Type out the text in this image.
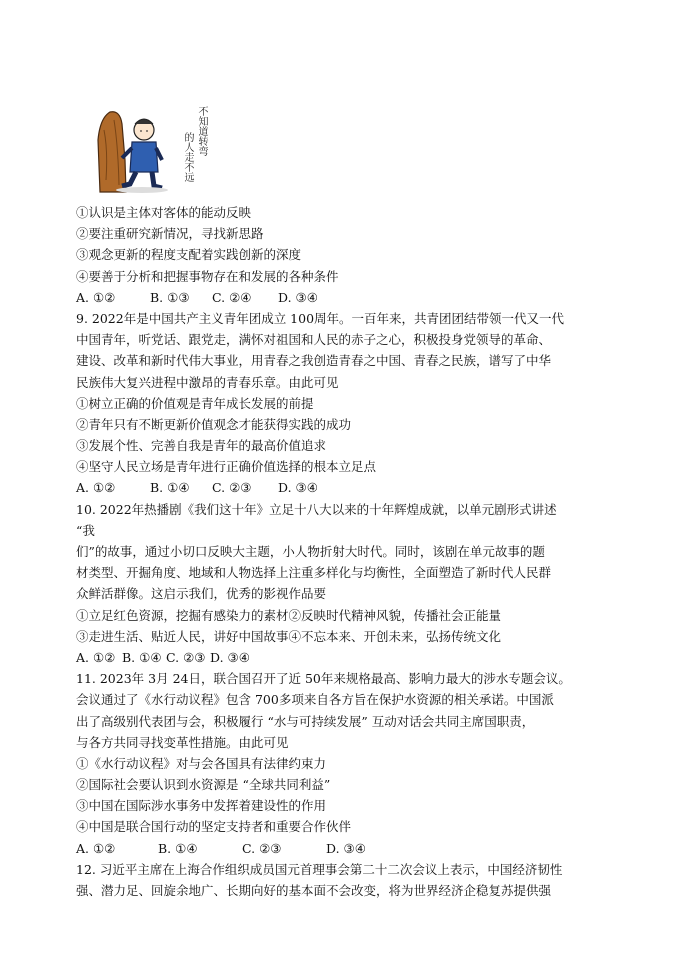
不知道转弯
的人走不远
①认识是主体对客体的能动反映
②要注重研究新情况，寻找新思路
③观念更新的程度支配着实践创新的深度
④要善于分析和把握事物存在和发展的各种条件
A. ①②	B. ①③ C. ②④ D. ③④
9. 2022年是中国共产主义青年团成立 100周年。一百年来，共青团团结带领一代又一代
中国青年，听党话、跟党走，满怀对祖国和人民的赤子之心，积极投身党领导的革命、
建设、改革和新时代伟大事业，用青春之我创造青春之中国、青春之民族，谱写了中华
民族伟大复兴进程中激昂的青春乐章。由此可见
①树立正确的价值观是青年成长发展的前提
②青年只有不断更新价值观念才能获得实践的成功
③发展个性、完善自我是青年的最高价值追求
④坚守人民立场是青年进行正确价值选择的根本立足点
A. ①②	B. ①④ C. ②③ D. ③④
10. 2022年热播剧《我们这十年》立足十八大以来的十年辉煌成就，以单元剧形式讲述
“我
们”的故事，通过小切口反映大主题，小人物折射大时代。同时，该剧在单元故事的题
材类型、开掘角度、地域和人物选择上注重多样化与均衡性，全面塑造了新时代人民群
众鲜活群像。这启示我们，优秀的影视作品要
①立足红色资源，挖掘有感染力的素材②反映时代精神风貌，传播社会正能量
③走进生活、贴近人民，讲好中国故事④不忘本来、开创未来，弘扬传统文化
A. ①② B. ①④ C. ②③ D. ③④
11. 2023年 3月 24日，联合国召开了近 50年来规格最高、影响力最大的涉水专题会议。
会议通过了《水行动议程》包含 700多项来自各方旨在保护水资源的相关承诺。中国派
出了高级别代表团与会，积极履行 “水与可持续发展” 互动对话会共同主席国职责，
与各方共同寻找变革性措施。由此可见
①《水行动议程》对与会各国具有法律约束力
②国际社会要认识到水资源是 “全球共同利益”
③中国在国际涉水事务中发挥着建设性的作用
④中国是联合国行动的坚定支持者和重要合作伙伴
A. ①②	B. ①④	C. ②③	D. ③④
12. 习近平主席在上海合作组织成员国元首理事会第二十二次会议上表示，中国经济韧性
强、潜力足、回旋余地广、长期向好的基本面不会改变，将为世界经济企稳复苏提供强
